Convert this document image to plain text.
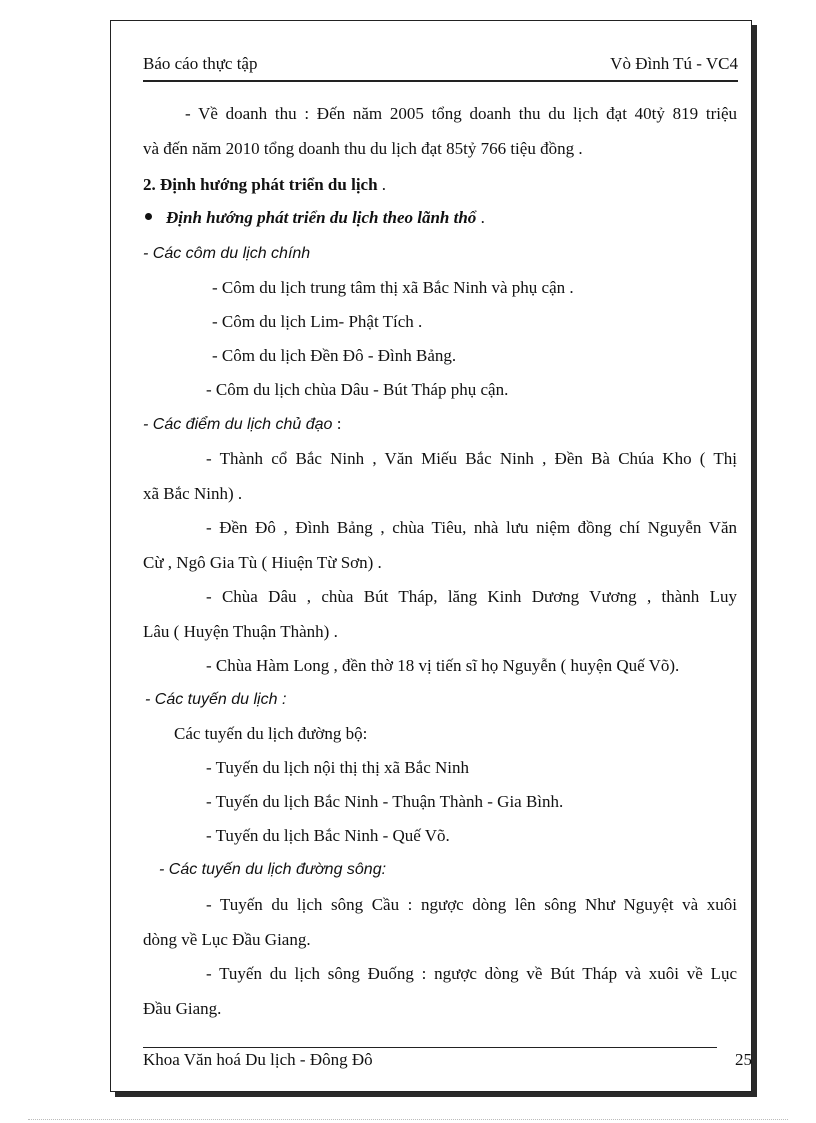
Báo cáo thực tập	Vò Đình Tú - VC4
- Về doanh thu : Đến năm 2005 tổng doanh thu du lịch đạt 40tỷ 819 triệu
và đến năm 2010 tổng doanh thu du lịch đạt 85tỷ 766 tiệu đồng .
2. Định hướng phát triển du lịch .
Định hướng phát triển du lịch theo lãnh thổ .
- Các côm du lịch chính
- Côm du lịch trung tâm thị xã Bắc Ninh và phụ cận .
- Côm du lịch Lim- Phật Tích .
- Côm du lịch Đền Đô - Đình Bảng.
- Côm du lịch chùa Dâu - Bút Tháp phụ cận.
- Các điểm du lịch chủ đạo :
- Thành cổ Bắc Ninh , Văn Miếu Bắc Ninh , Đền Bà Chúa Kho ( Thị
xã Bắc Ninh) .
- Đền Đô , Đình Bảng , chùa Tiêu, nhà lưu niệm đồng chí Nguyễn Văn
Cừ , Ngô Gia Tù ( Hiuện Từ Sơn) .
- Chùa Dâu , chùa Bút Tháp, lăng Kinh Dương Vương , thành Luy
Lâu ( Huyện Thuận Thành) .
- Chùa Hàm Long , đền thờ 18 vị tiến sĩ họ Nguyễn ( huyện Quế Võ).
- Các tuyến du lịch :
Các tuyến du lịch đường bộ:
- Tuyến du lịch nội thị thị xã Bắc Ninh
- Tuyến du lịch Bắc Ninh - Thuận Thành - Gia Bình.
- Tuyến du lịch Bắc Ninh - Quế Võ.
- Các tuyến du lịch đường sông:
- Tuyến du lịch sông Cầu : ngược dòng lên sông Như Nguyệt và xuôi
dòng về Lục Đầu Giang.
- Tuyến du lịch sông Đuống : ngược dòng về Bút Tháp và xuôi về Lục
Đầu Giang.
Khoa Văn hoá Du lịch - Đông Đô	25
